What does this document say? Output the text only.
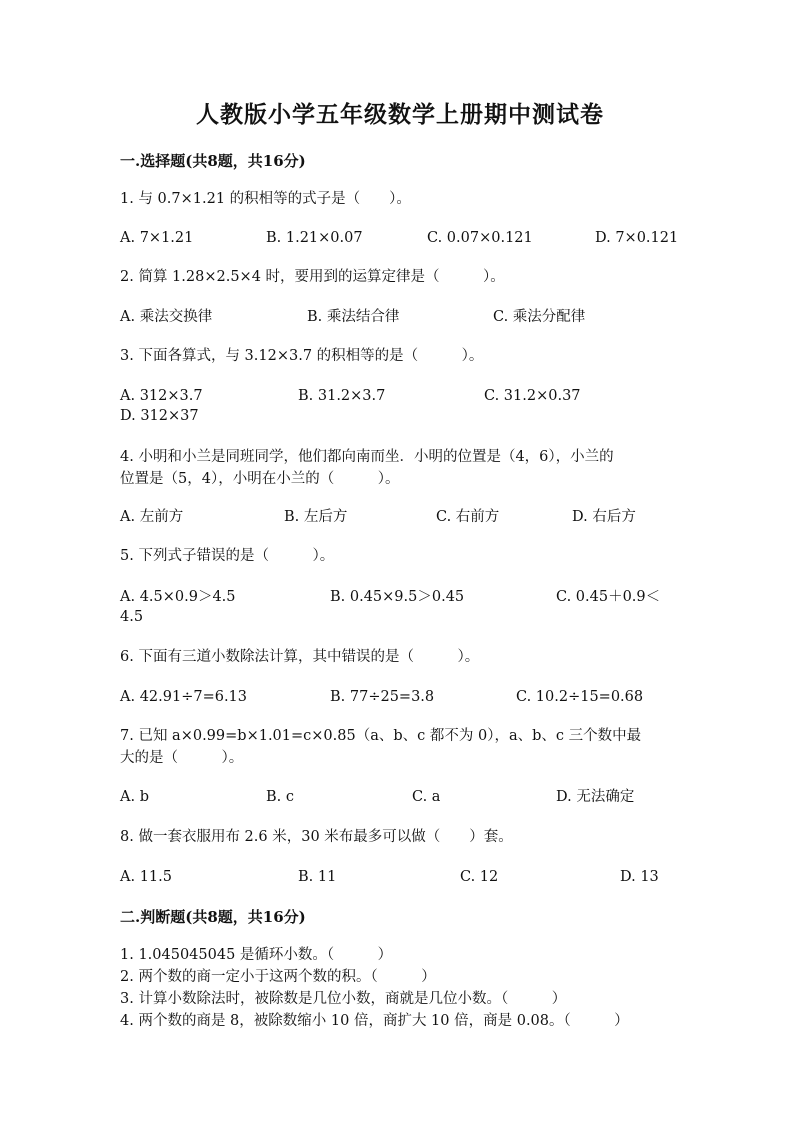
人教版小学五年级数学上册期中测试卷
一.选择题(共8题，共16分)
1. 与 0.7×1.21 的积相等的式子是（　　）。
A. 7×1.21	B. 1.21×0.07	C. 0.07×0.121	D. 7×0.121
2. 简算 1.28×2.5×4 时，要用到的运算定律是（　　　）。
A. 乘法交换律	B. 乘法结合律	C. 乘法分配律
3. 下面各算式，与 3.12×3.7 的积相等的是（　　　）。
A. 312×3.7	B. 31.2×3.7	C. 31.2×0.37
D. 312×37
4. 小明和小兰是同班同学，他们都向南而坐．小明的位置是（4，6），小兰的
位置是（5，4），小明在小兰的（　　　）。
A. 左前方	B. 左后方	C. 右前方	D. 右后方
5. 下列式子错误的是（　　　）。
A. 4.5×0.9＞4.5	B. 0.45×9.5＞0.45	C. 0.45＋0.9＜
4.5
6. 下面有三道小数除法计算，其中错误的是（　　　）。
A. 42.91÷7=6.13	B. 77÷25=3.8	C. 10.2÷15=0.68
7. 已知 a×0.99=b×1.01=c×0.85（a、b、c 都不为 0），a、b、c 三个数中最
大的是（　　　）。
A. b	B. c	C. a	D. 无法确定
8. 做一套衣服用布 2.6 米，30 米布最多可以做（　　）套。
A. 11.5	B. 11	C. 12	D. 13
二.判断题(共8题，共16分)
1. 1.045045045 是循环小数。（　　　）
2. 两个数的商一定小于这两个数的积。（　　　）
3. 计算小数除法时，被除数是几位小数，商就是几位小数。（　　　）
4. 两个数的商是 8，被除数缩小 10 倍，商扩大 10 倍，商是 0.08。（　　　）
